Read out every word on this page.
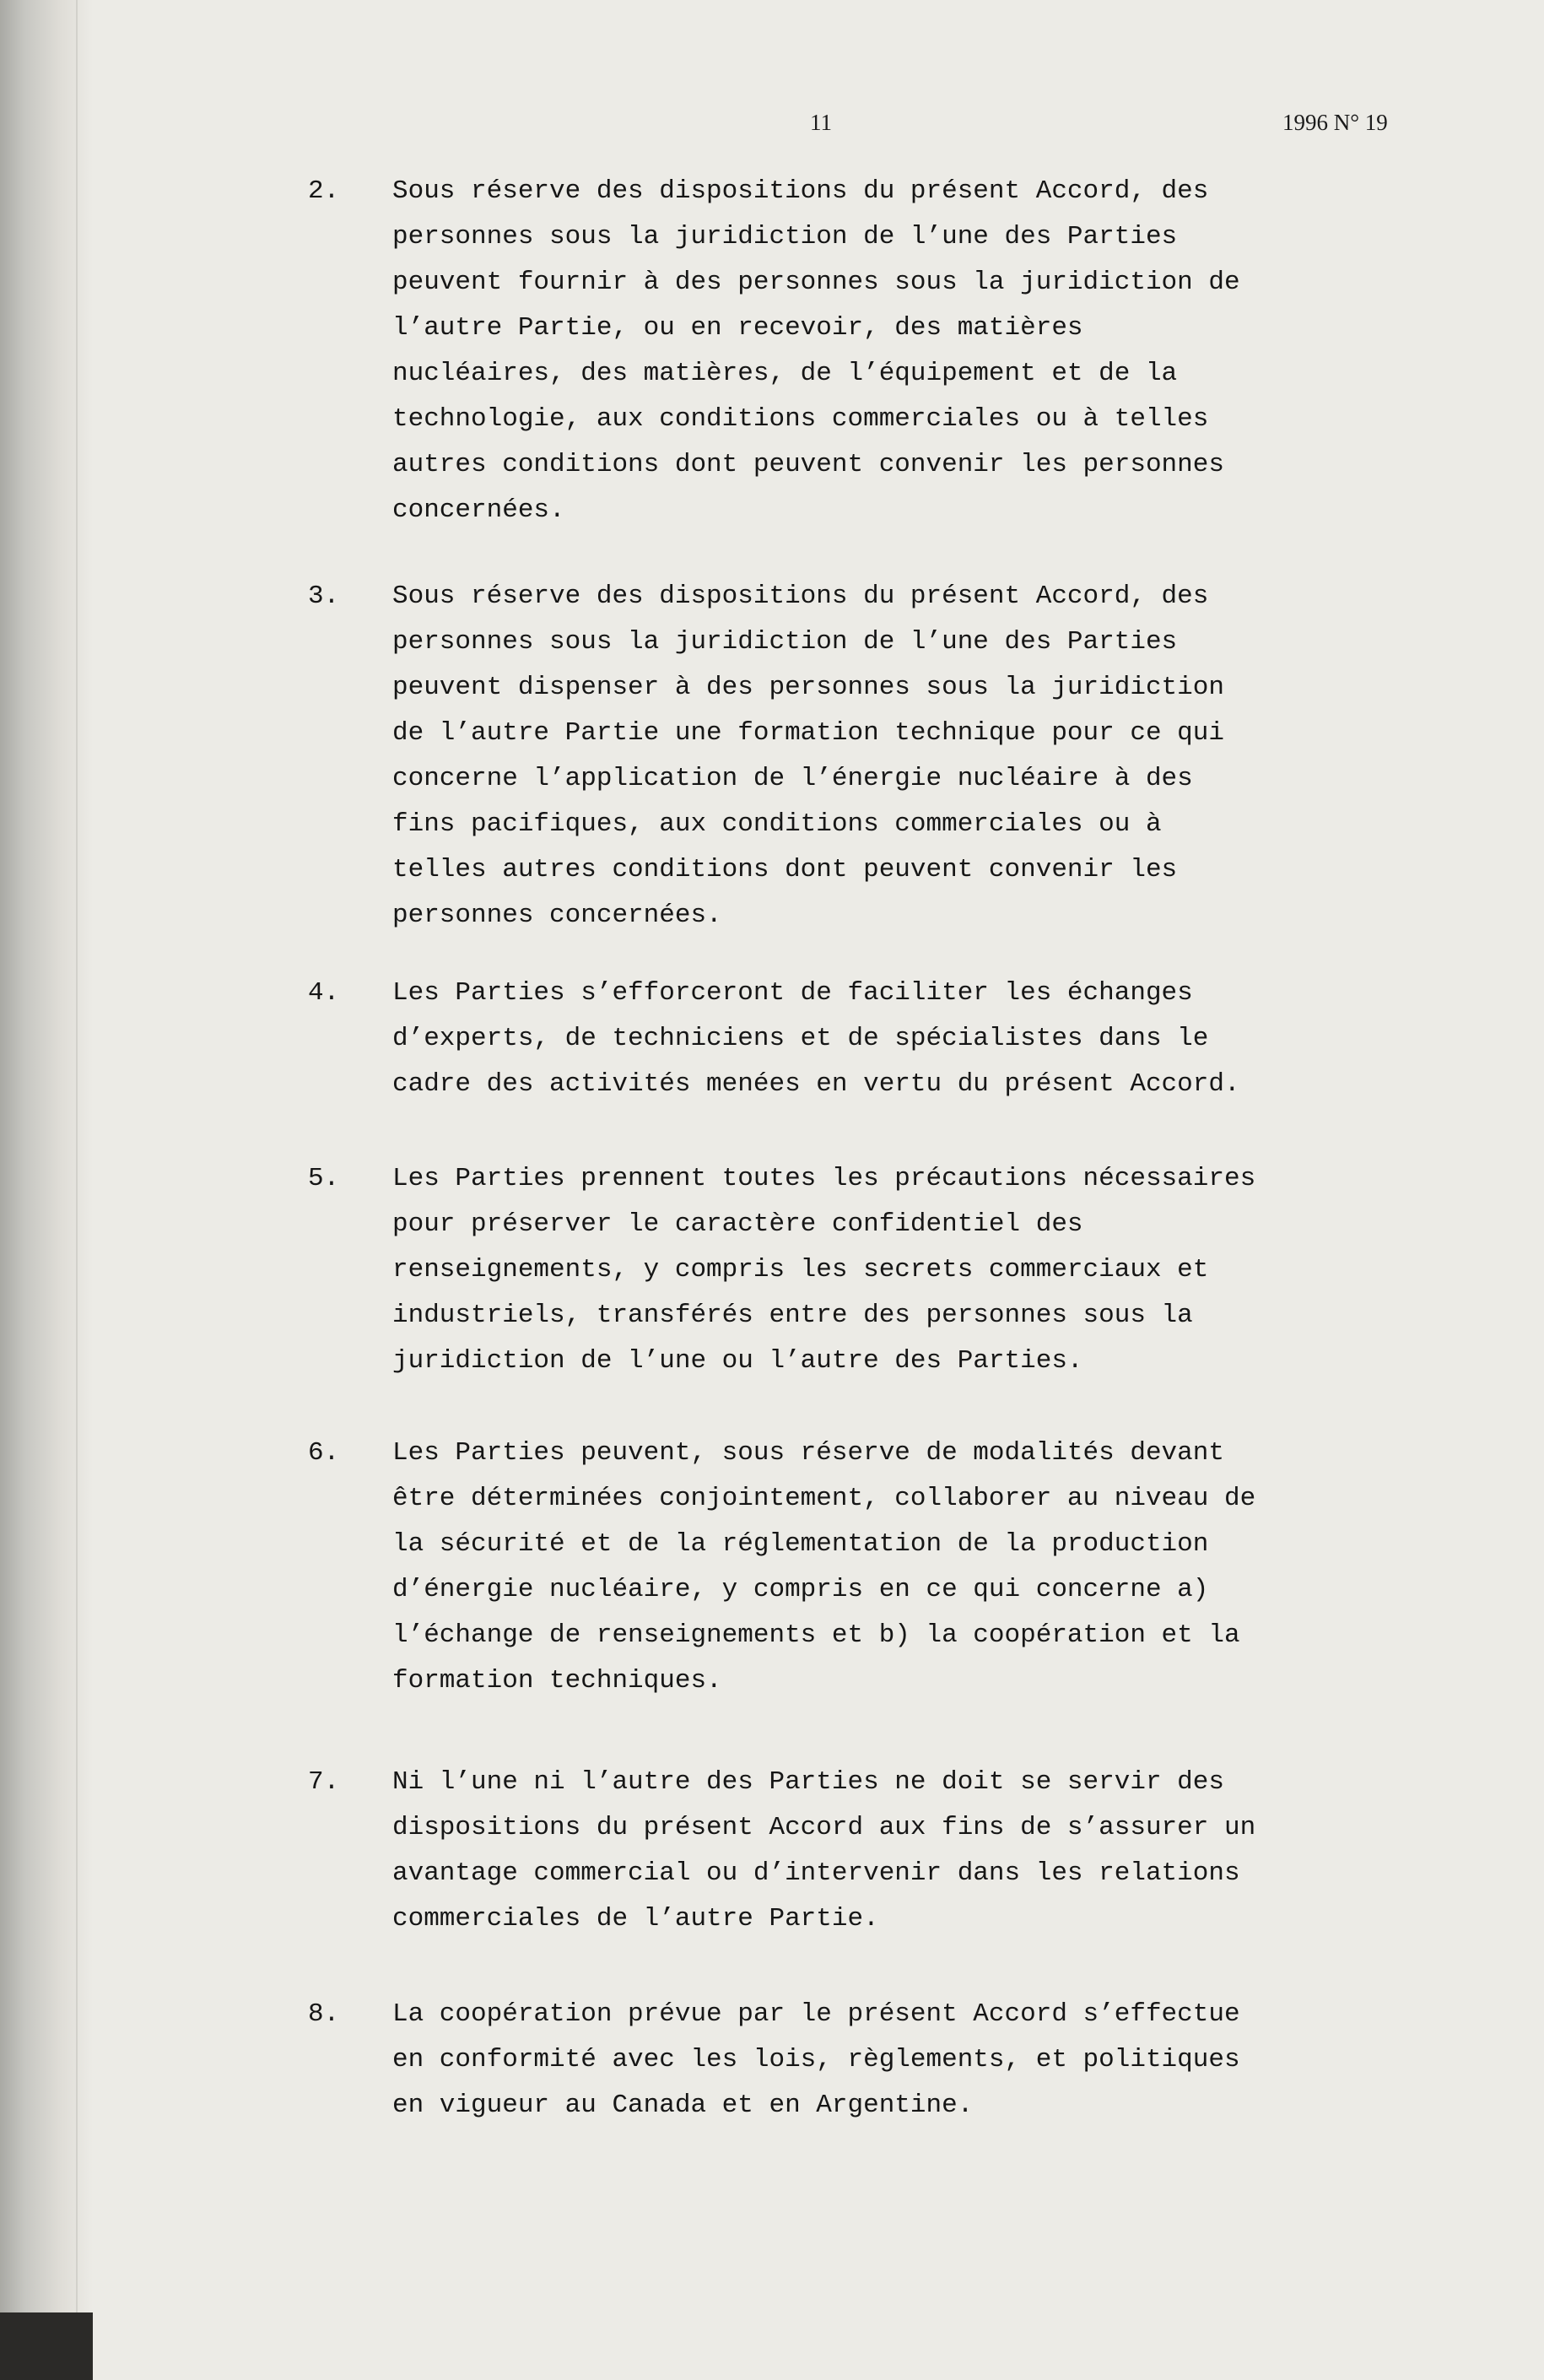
11	1996 N° 19
2. Sous réserve des dispositions du présent Accord, des
personnes sous la juridiction de l’une des Parties
peuvent fournir à des personnes sous la juridiction de
l’autre Partie, ou en recevoir, des matières
nucléaires, des matières, de l’équipement et de la
technologie, aux conditions commerciales ou à telles
autres conditions dont peuvent convenir les personnes
concernées.
3. Sous réserve des dispositions du présent Accord, des
personnes sous la juridiction de l’une des Parties
peuvent dispenser à des personnes sous la juridiction
de l’autre Partie une formation technique pour ce qui
concerne l’application de l’énergie nucléaire à des
fins pacifiques, aux conditions commerciales ou à
telles autres conditions dont peuvent convenir les
personnes concernées.
4. Les Parties s’efforceront de faciliter les échanges
d’experts, de techniciens et de spécialistes dans le
cadre des activités menées en vertu du présent Accord.
5. Les Parties prennent toutes les précautions nécessaires
pour préserver le caractère confidentiel des
renseignements, y compris les secrets commerciaux et
industriels, transférés entre des personnes sous la
juridiction de l’une ou l’autre des Parties.
6. Les Parties peuvent, sous réserve de modalités devant
être déterminées conjointement, collaborer au niveau de
la sécurité et de la réglementation de la production
d’énergie nucléaire, y compris en ce qui concerne a)
l’échange de renseignements et b) la coopération et la
formation techniques.
7. Ni l’une ni l’autre des Parties ne doit se servir des
dispositions du présent Accord aux fins de s’assurer un
avantage commercial ou d’intervenir dans les relations
commerciales de l’autre Partie.
8. La coopération prévue par le présent Accord s’effectue
en conformité avec les lois, règlements, et politiques
en vigueur au Canada et en Argentine.
